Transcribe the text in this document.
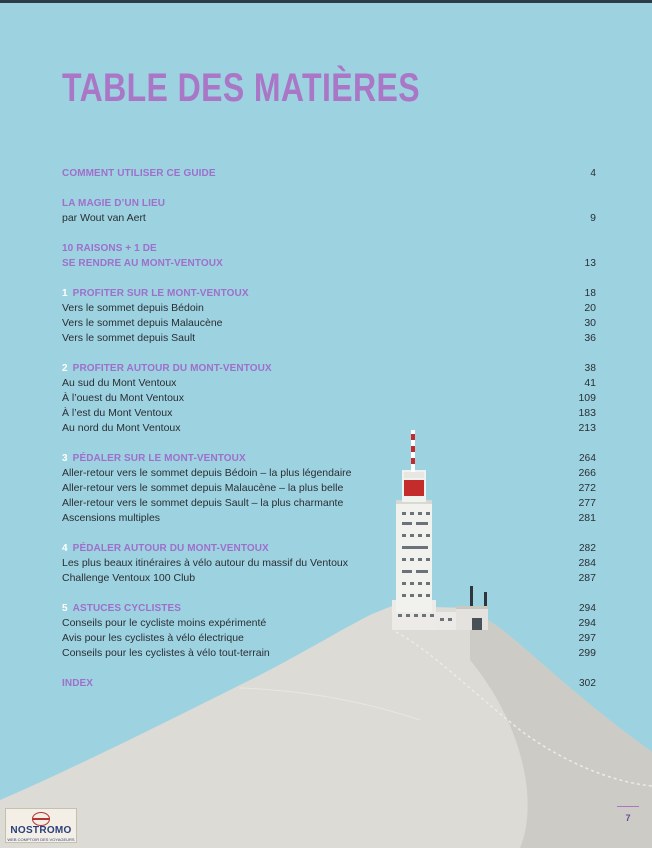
TABLE DES MATIÈRES
COMMENT UTILISER CE GUIDE	4
LA MAGIE D’UN LIEU
par Wout van Aert	9
10 RAISONS + 1 DE
SE RENDRE AU MONT-VENTOUX	13
1 PROFITER SUR LE MONT-VENTOUX	18
Vers le sommet depuis Bédoin	20
Vers le sommet depuis Malaucène	30
Vers le sommet depuis Sault	36
2 PROFITER AUTOUR DU MONT-VENTOUX	38
Au sud du Mont Ventoux	41
À l’ouest du Mont Ventoux	109
À l’est du Mont Ventoux	183
Au nord du Mont Ventoux	213
3 PÉDALER SUR LE MONT-VENTOUX	264
Aller-retour vers le sommet depuis Bédoin – la plus légendaire	266
Aller-retour vers le sommet depuis Malaucène – la plus belle	272
Aller-retour vers le sommet depuis Sault – la plus charmante	277
Ascensions multiples	281
4 PÉDALER AUTOUR DU MONT-VENTOUX	282
Les plus beaux itinéraires à vélo autour du massif du Ventoux	284
Challenge Ventoux 100 Club	287
5 ASTUCES CYCLISTES	294
Conseils pour le cycliste moins expérimenté	294
Avis pour les cyclistes à vélo électrique	297
Conseils pour les cyclistes à vélo tout-terrain	299
INDEX	302
7
NOSTROMO
WEB COMPTOIR DES VOYAGEURS
